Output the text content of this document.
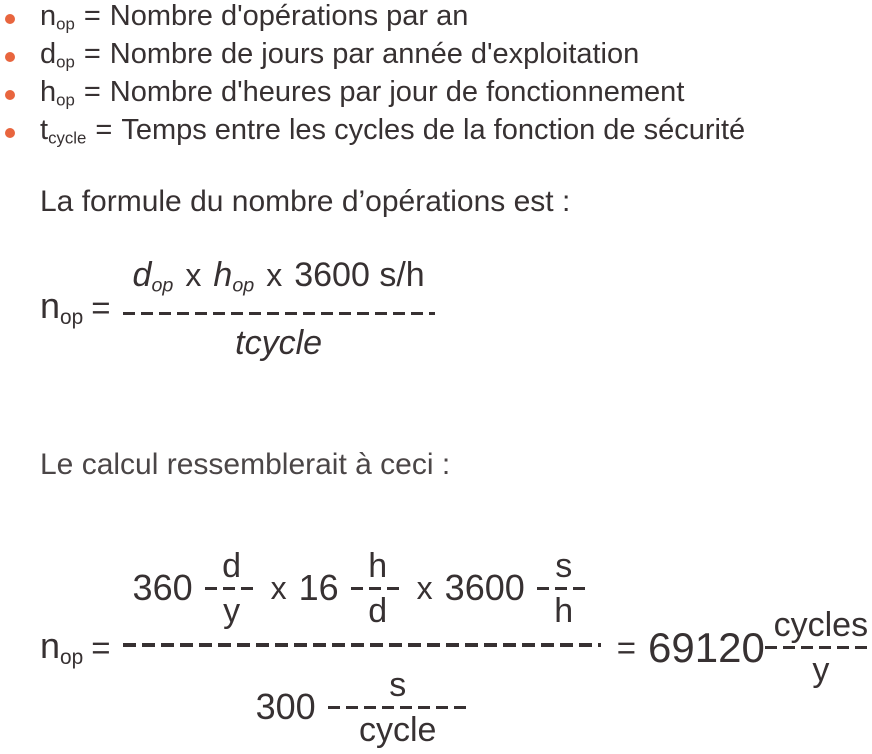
nop = Nombre d'opérations par an
dop = Nombre de jours par année d'exploitation
hop = Nombre d'heures par jour de fonctionnement
tcycle = Temps entre les cycles de la fonction de sécurité

La formule du nombre d’opérations est :

nop = $\frac{\text{dop x hop x 3600 s/h}}{\text{tcycle}}$

Le calcul ressemblerait à ceci :

nop =
360
d
y
x 16
h
d
x 3600
s
h
300
s
cycle
= 69120 cycles
y
